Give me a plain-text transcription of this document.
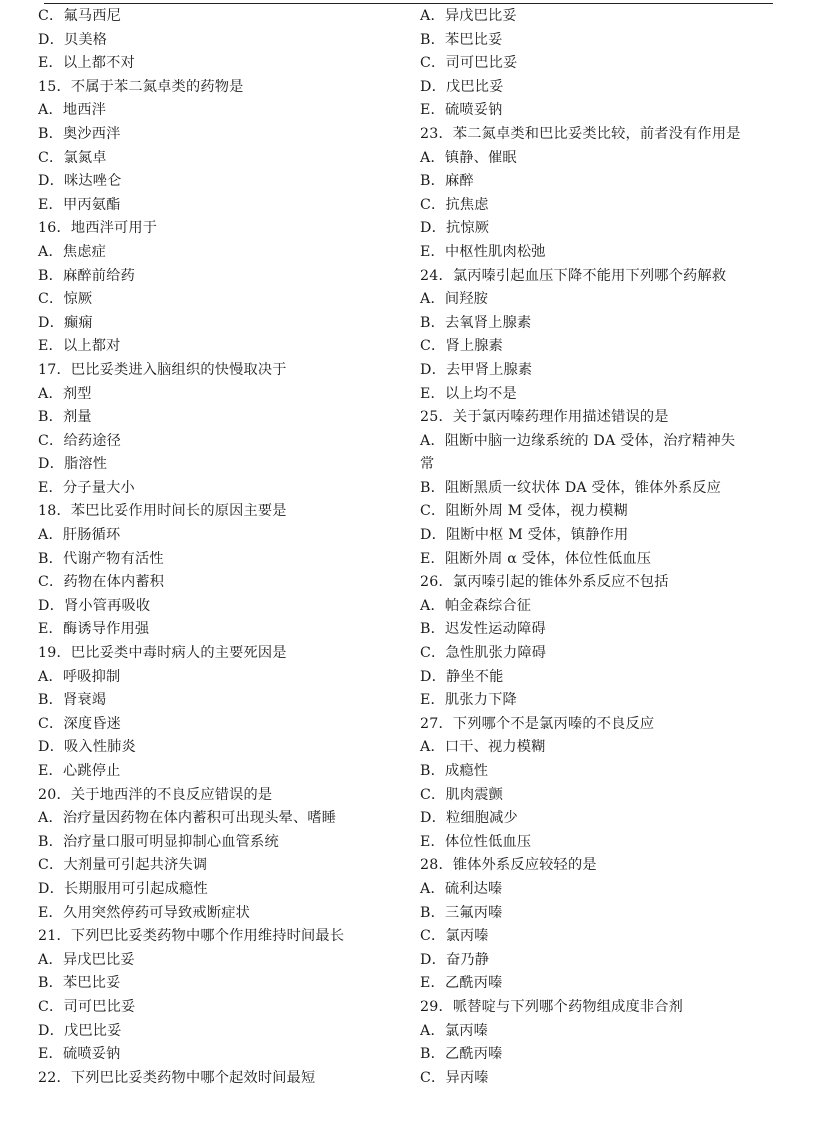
C．氟马西尼
D．贝美格
E．以上都不对
15．不属于苯二氮卓类的药物是
A．地西泮
B．奥沙西泮
C．氯氮卓
D．咪达唑仑
E．甲丙氨酯
16．地西泮可用于
A．焦虑症
B．麻醉前给药
C．惊厥
D．癫痫
E．以上都对
17．巴比妥类进入脑组织的快慢取决于
A．剂型
B．剂量
C．给药途径
D．脂溶性
E．分子量大小
18．苯巴比妥作用时间长的原因主要是
A．肝肠循环
B．代谢产物有活性
C．药物在体内蓄积
D．肾小管再吸收
E．酶诱导作用强
19．巴比妥类中毒时病人的主要死因是
A．呼吸抑制
B．肾衰竭
C．深度昏迷
D．吸入性肺炎
E．心跳停止
20．关于地西泮的不良反应错误的是
A．治疗量因药物在体内蓄积可出现头晕、嗜睡
B．治疗量口服可明显抑制心血管系统
C．大剂量可引起共济失调
D．长期服用可引起成瘾性
E．久用突然停药可导致戒断症状
21．下列巴比妥类药物中哪个作用维持时间最长
A．异戊巴比妥
B．苯巴比妥
C．司可巴比妥
D．戊巴比妥
E．硫喷妥钠
22．下列巴比妥类药物中哪个起效时间最短
A．异戊巴比妥
B．苯巴比妥
C．司可巴比妥
D．戊巴比妥
E．硫喷妥钠
23．苯二氮卓类和巴比妥类比较，前者没有作用是
A．镇静、催眠
B．麻醉
C．抗焦虑
D．抗惊厥
E．中枢性肌肉松弛
24．氯丙嗪引起血压下降不能用下列哪个药解救
A．间羟胺
B．去氧肾上腺素
C．肾上腺素
D．去甲肾上腺素
E．以上均不是
25．关于氯丙嗪药理作用描述错误的是
A．阻断中脑一边缘系统的 DA 受体，治疗精神失
常
B．阻断黑质一纹状体 DA 受体，锥体外系反应
C．阻断外周 M 受体，视力模糊
D．阻断中枢 M 受体，镇静作用
E．阻断外周 α 受体，体位性低血压
26．氯丙嗪引起的锥体外系反应不包括
A．帕金森综合征
B．迟发性运动障碍
C．急性肌张力障碍
D．静坐不能
E．肌张力下降
27．下列哪个不是氯丙嗪的不良反应
A．口干、视力模糊
B．成瘾性
C．肌肉震颤
D．粒细胞减少
E．体位性低血压
28．锥体外系反应较轻的是
A．硫利达嗪
B．三氟丙嗪
C．氯丙嗪
D．奋乃静
E．乙酰丙嗪
29．哌替啶与下列哪个药物组成度非合剂
A．氯丙嗪
B．乙酰丙嗪
C．异丙嗪
